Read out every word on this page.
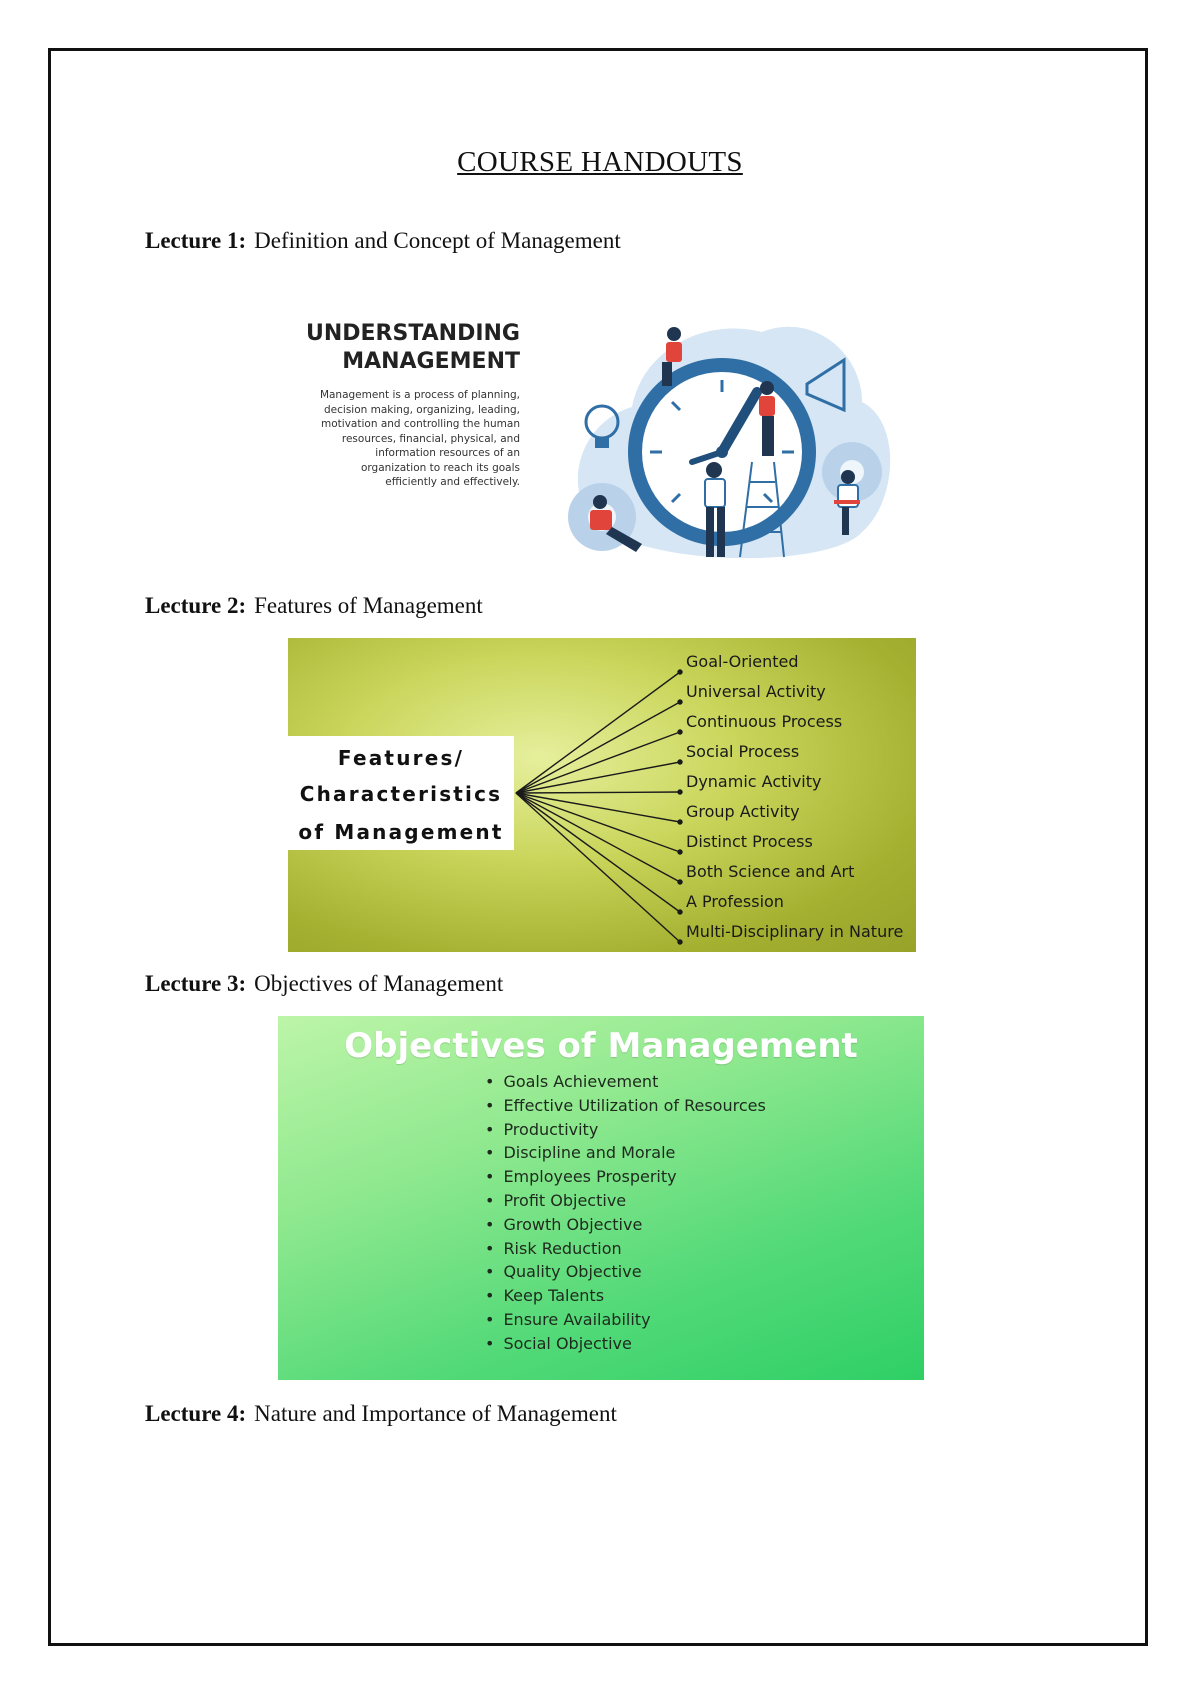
COURSE HANDOUTS
Lecture 1: Definition and Concept of Management
UNDERSTANDING
MANAGEMENT
Management is a process of planning, decision making, organizing, leading, motivation and controlling the human resources, financial, physical, and information resources of an organization to reach its goals efficiently and effectively.
Lecture 2: Features of Management
Features/
Characteristics
of Management
Goal-Oriented
Universal Activity
Continuous Process
Social Process
Dynamic Activity
Group Activity
Distinct Process
Both Science and Art
A Profession
Multi-Disciplinary in Nature
Lecture 3: Objectives of Management
Objectives of Management
• Goals Achievement
• Effective Utilization of Resources
• Productivity
• Discipline and Morale
• Employees Prosperity
• Profit Objective
• Growth Objective
• Risk Reduction
• Quality Objective
• Keep Talents
• Ensure Availability
• Social Objective
Lecture 4: Nature and Importance of Management
